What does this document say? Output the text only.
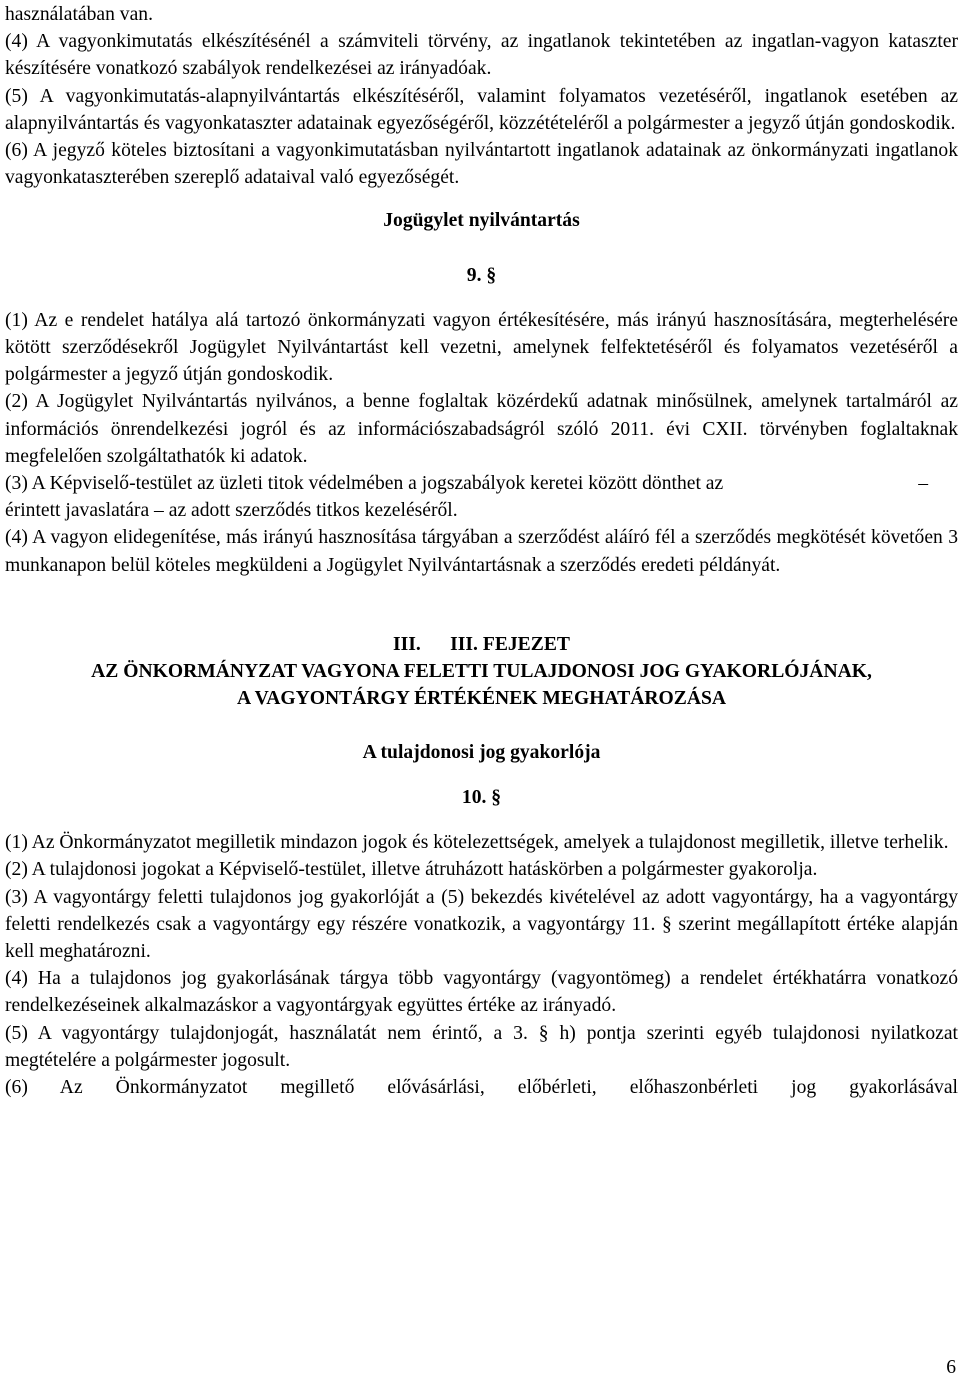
használatában van.

(4) A vagyonkimutatás elkészítésénél a számviteli törvény, az ingatlanok tekintetében az ingatlan-vagyon kataszter készítésére vonatkozó szabályok rendelkezései az irányadóak.

(5) A vagyonkimutatás-alapnyilvántartás elkészítéséről, valamint folyamatos vezetéséről, ingatlanok esetében az alapnyilvántartás és vagyonkataszter adatainak egyezőségéről, közzétételéről a polgármester a jegyző útján gondoskodik.

(6) A jegyző köteles biztosítani a vagyonkimutatásban nyilvántartott ingatlanok adatainak az önkormányzati ingatlanok vagyonkataszterében szereplő adataival való egyezőségét.

Jogügylet nyilvántartás
9. §

(1) Az e rendelet hatálya alá tartozó önkormányzati vagyon értékesítésére, más irányú hasznosítására, megterhelésére kötött szerződésekről Jogügylet Nyilvántartást kell vezetni, amelynek felfektetéséről és folyamatos vezetéséről a polgármester a jegyző útján gondoskodik.

(2) A Jogügylet Nyilvántartás nyilvános, a benne foglaltak közérdekű adatnak minősülnek, amelynek tartalmáról az információs önrendelkezési jogról és az információszabadságról szóló 2011. évi CXII. törvényben foglaltaknak megfelelően szolgáltathatók ki adatok.

(3) A Képviselő-testület az üzleti titok védelmében a jogszabályok keretei között dönthet az	–

érintett javaslatára – az adott szerződés titkos kezeléséről.

(4) A vagyon elidegenítése, más irányú hasznosítása tárgyában a szerződést aláíró fél a szerződés megkötését követően 3 munkanapon belül köteles megküldeni a Jogügylet Nyilvántartásnak a szerződés eredeti példányát.

III.      III. FEJEZET
AZ ÖNKORMÁNYZAT VAGYONA FELETTI TULAJDONOSI JOG GYAKORLÓJÁNAK,
A VAGYONTÁRGY ÉRTÉKÉNEK MEGHATÁROZÁSA
A tulajdonosi jog gyakorlója
10. §

(1) Az Önkormányzatot megilletik mindazon jogok és kötelezettségek, amelyek a tulajdonost megilletik, illetve terhelik.

(2) A tulajdonosi jogokat a Képviselő-testület, illetve átruházott hatáskörben a polgármester gyakorolja.

(3) A vagyontárgy feletti tulajdonos jog gyakorlóját a (5) bekezdés kivételével az adott vagyontárgy, ha a vagyontárgy feletti rendelkezés csak a vagyontárgy egy részére vonatkozik, a vagyontárgy 11. § szerint megállapított értéke alapján kell meghatározni.

(4) Ha a tulajdonos jog gyakorlásának tárgya több vagyontárgy (vagyontömeg) a rendelet értékhatárra vonatkozó rendelkezéseinek alkalmazáskor a vagyontárgyak együttes értéke az irányadó.

(5) A vagyontárgy tulajdonjogát, használatát nem érintő, a 3. § h) pontja szerinti egyéb tulajdonosi nyilatkozat megtételére a polgármester jogosult.

(6) Az Önkormányzatot megillető elővásárlási, előbérleti, előhaszonbérleti jog gyakorlásával

6
